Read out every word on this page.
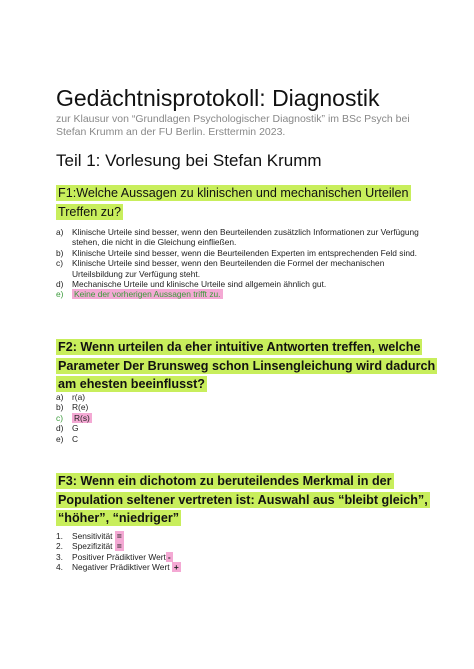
Gedächtnisprotokoll: Diagnostik
zur Klausur von “Grundlagen Psychologischer Diagnostik” im BSc Psych bei Stefan Krumm an der FU Berlin. Ersttermin 2023.
Teil 1: Vorlesung bei Stefan Krumm
F1:Welche Aussagen zu klinischen und mechanischen Urteilen Treffen zu?
a) Klinische Urteile sind besser, wenn den Beurteilenden zusätzlich Informationen zur Verfügung stehen, die nicht in die Gleichung einfließen.
b) Klinische Urteile sind besser, wenn die Beurteilenden Experten im entsprechenden Feld sind.
c) Klinische Urteile sind besser, wenn den Beurteilenden die Formel der mechanischen Urteilsbildung zur Verfügung steht.
d) Mechanische Urteile und klinische Urteile sind allgemein ähnlich gut.
e) Keine der vorherigen Aussagen trifft zu.
F2: Wenn urteilen da eher intuitive Antworten treffen, welche Parameter Der Brunsweg schon Linsengleichung wird dadurch am ehesten beeinflusst?
a) r(a)
b) R(e)
c) R(s)
d) G
e) C
F3: Wenn ein dichotom zu beruteilendes Merkmal in der Population seltener vertreten ist: Auswahl aus “bleibt gleich”, “höher”, “niedriger”
1. Sensitivität =
2. Spezifizität =
3. Positiver Prädiktiver Wert -
4. Negativer Prädiktiver Wert +
